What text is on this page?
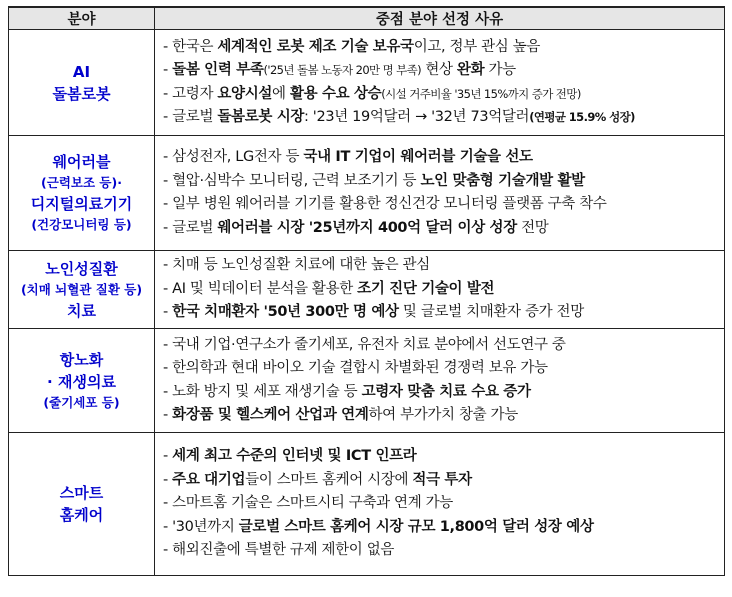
분야	중점 분야 선정 사유
AI
돌봄로봇
- 한국은 세계적인 로봇 제조 기술 보유국이고, 정부 관심 높음
- 돌봄 인력 부족('25년 돌봄 노동자 20만 명 부족) 현상 완화 가능
- 고령자 요양시설에 활용 수요 상승(시설 거주비율 '35년 15%까지 증가 전망)
- 글로벌 돌봄로봇 시장: '23년 19억달러 → '32년 73억달러(연평균 15.9% 성장)
웨어러블
(근력보조 등)·
디지털의료기기
(건강모니터링 등)
- 삼성전자, LG전자 등 국내 IT 기업이 웨어러블 기술을 선도
- 혈압·심박수 모니터링, 근력 보조기기 등 노인 맞춤형 기술개발 활발
- 일부 병원 웨어러블 기기를 활용한 정신건강 모니터링 플랫폼 구축 착수
- 글로벌 웨어러블 시장 '25년까지 400억 달러 이상 성장 전망
노인성질환
(치매 뇌혈관 질환 등)
치료
- 치매 등 노인성질환 치료에 대한 높은 관심
- AI 및 빅데이터 분석을 활용한 조기 진단 기술이 발전
- 한국 치매환자 '50년 300만 명 예상 및 글로벌 치매환자 증가 전망
항노화
· 재생의료
(줄기세포 등)
- 국내 기업·연구소가 줄기세포, 유전자 치료 분야에서 선도연구 중
- 한의학과 현대 바이오 기술 결합시 차별화된 경쟁력 보유 가능
- 노화 방지 및 세포 재생기술 등 고령자 맞춤 치료 수요 증가
- 화장품 및 헬스케어 산업과 연계하여 부가가치 창출 가능
스마트
홈케어
- 세계 최고 수준의 인터넷 및 ICT 인프라
- 주요 대기업들이 스마트 홈케어 시장에 적극 투자
- 스마트홈 기술은 스마트시티 구축과 연계 가능
- '30년까지 글로벌 스마트 홈케어 시장 규모 1,800억 달러 성장 예상
- 해외진출에 특별한 규제 제한이 없음
